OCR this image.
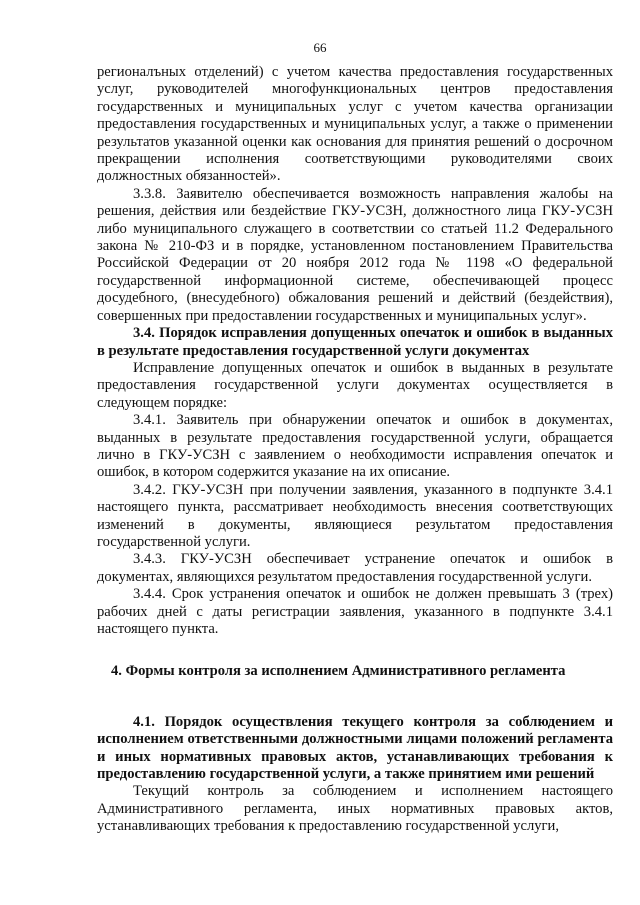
66

регионалъных отделений) с учетом качества предоставления государственных услуг, руководителей многофункциональных центров предоставления государственных и муниципальных услуг с учетом качества организации предоставления государственных и муниципальных услуг, а также о применении результатов указанной оценки как основания для принятия решений о досрочном прекращении исполнения соответствующими руководителями своих должностных обязанностей».

3.3.8. Заявителю обеспечивается возможность направления жалобы на решения, действия или бездействие ГКУ-УСЗН, должностного лица ГКУ-УСЗН либо муниципального служащего в соответствии со статьей 11.2 Федерального закона № 210-ФЗ и в порядке, установленном постановлением Правительства Российской Федерации от 20 ноября 2012 года № 1198 «О федеральной государственной информационной системе, обеспечивающей процесс досудебного, (внесудебного) обжалования решений и действий (бездействия), совершенных при предоставлении государственных и муниципальных услуг».

3.4. Порядок исправления допущенных опечаток и ошибок в выданных в результате предоставления государственной услуги документах

Исправление допущенных опечаток и ошибок в выданных в результате предоставления государственной услуги документах осуществляется в следующем порядке:

3.4.1. Заявитель при обнаружении опечаток и ошибок в документах, выданных в результате предоставления государственной услуги, обращается лично в ГКУ-УСЗН с заявлением о необходимости исправления опечаток и ошибок, в котором содержится указание на их описание.

3.4.2. ГКУ-УСЗН при получении заявления, указанного в подпункте 3.4.1 настоящего пункта, рассматривает необходимость внесения соответствующих изменений в документы, являющиеся результатом предоставления государственной услуги.

3.4.3. ГКУ-УСЗН обеспечивает устранение опечаток и ошибок в документах, являющихся результатом предоставления государственной услуги.

3.4.4. Срок устранения опечаток и ошибок не должен превышать 3 (трех) рабочих дней с даты регистрации заявления, указанного в подпункте 3.4.1 настоящего пункта.

4. Формы контроля за исполнением Административного регламента

4.1. Порядок осуществления текущего контроля за соблюдением и исполнением ответственными должностными лицами положений регламента и иных нормативных правовых актов, устанавливающих требования к предоставлению государственной услуги, а также принятием ими решений

Текущий контроль за соблюдением и исполнением настоящего Административного регламента, иных нормативных правовых актов, устанавливающих требования к предоставлению государственной услуги,
